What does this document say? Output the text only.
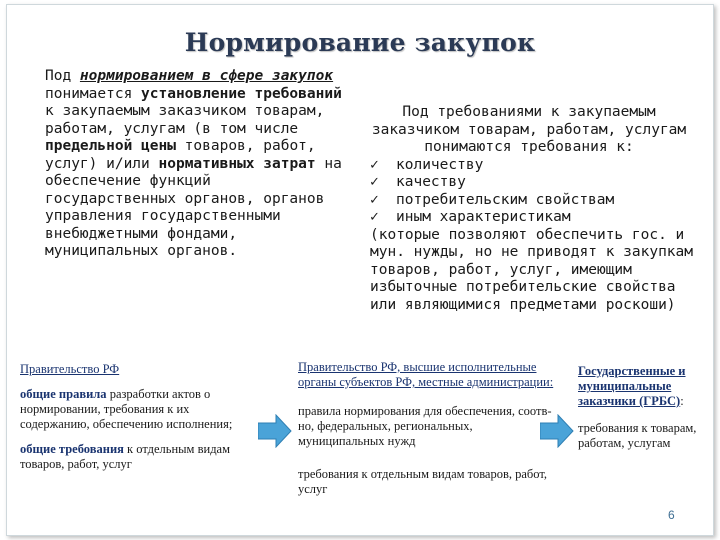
Нормирование закупок
Под нормированием в сфере закупок понимается установление требований к закупаемым заказчиком товарам, работам, услугам (в том числе предельной цены товаров, работ, услуг) и/или нормативных затрат на обеспечение функций государственных органов, органов управления государственными внебюджетными фондами, муниципальных органов.

Под требованиями к закупаемым заказчиком товарам, работам, услугам понимаются требования к:

✓ количеству
✓ качеству
✓ потребительским свойствам
✓ иным характеристикам

(которые позволяют обеспечить гос. и мун. нужды, но не приводят к закупкам товаров, работ, услуг, имеющим избыточные потребительские свойства или являющимися предметами роскоши)

Правительство РФ

общие правила разработки актов о нормировании, требования к их содержанию, обеспечению исполнения;

общие требования к отдельным видам товаров, работ, услуг

Правительство РФ, высшие исполнительные органы субъектов РФ, местные администрации:

правила нормирования для обеспечения, соотв-но, федеральных, региональных, муниципальных нужд

требования к отдельным видам товаров, работ, услуг

Государственные и муниципальные заказчики (ГРБС):

требования к товарам, работам, услугам

6
